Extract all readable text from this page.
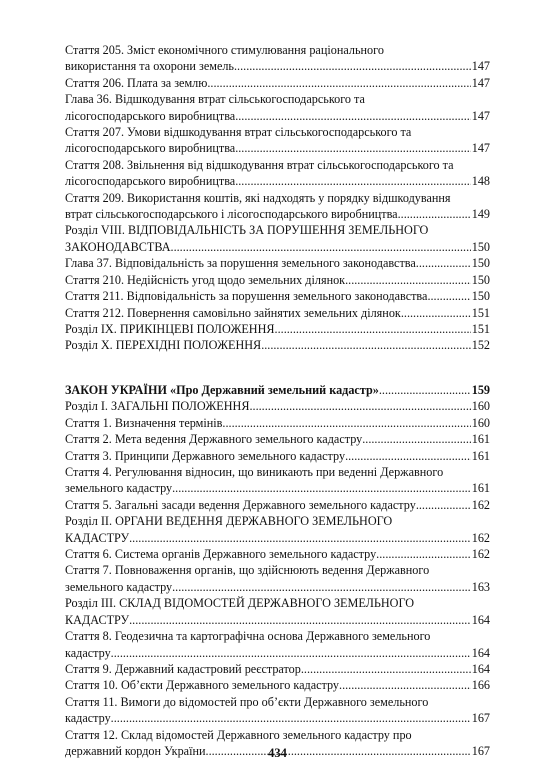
Стаття 205. Зміст економічного стимулювання раціонального
використання та охорони земель .....	147
Стаття 206. Плата за землю .....	147
Глава 36. Відшкодування втрат сільськогосподарського та
лісогосподарського виробництва .....	147
Стаття 207. Умови відшкодування втрат сільськогосподарського та
лісогосподарського виробництва .....	147
Стаття 208. Звільнення від відшкодування втрат сільськогосподарського та
лісогосподарського виробництва .....	148
Стаття 209. Використання коштів, які надходять у порядку відшкодування
втрат сільськогосподарського і лісогосподарського виробництва .....	149
Розділ VIII. ВІДПОВІДАЛЬНІСТЬ ЗА ПОРУШЕННЯ ЗЕМЕЛЬНОГО
ЗАКОНОДАВСТВА .....	150
Глава 37. Відповідальність за порушення земельного законодавства .....	150
Стаття 210. Недійсність угод щодо земельних ділянок .....	150
Стаття 211. Відповідальність за порушення земельного законодавства .....	150
Стаття 212. Повернення самовільно зайнятих земельних ділянок .....	151
Розділ IX. ПРИКІНЦЕВІ ПОЛОЖЕННЯ .....	151
Розділ X. ПЕРЕХІДНІ ПОЛОЖЕННЯ .....	152
ЗАКОН УКРАЇНИ «Про Державний земельний кадастр» .....	159
Розділ I. ЗАГАЛЬНІ ПОЛОЖЕННЯ .....	160
Стаття 1. Визначення термінів .....	160
Стаття 2. Мета ведення Державного земельного кадастру .....	161
Стаття 3. Принципи Державного земельного кадастру .....	161
Стаття 4. Регулювання відносин, що виникають при веденні Державного
земельного кадастру .....	161
Стаття 5. Загальні засади ведення Державного земельного кадастру .....	162
Розділ II. ОРГАНИ ВЕДЕННЯ ДЕРЖАВНОГО ЗЕМЕЛЬНОГО
КАДАСТРУ .....	162
Стаття 6. Система органів Державного земельного кадастру .....	162
Стаття 7. Повноваження органів, що здійснюють ведення Державного
земельного кадастру .....	163
Розділ III. СКЛАД ВІДОМОСТЕЙ ДЕРЖАВНОГО ЗЕМЕЛЬНОГО
КАДАСТРУ .....	164
Стаття 8. Геодезична та картографічна основа Державного земельного
кадастру .....	164
Стаття 9. Державний кадастровий реєстратор .....	164
Стаття 10. Об’єкти Державного земельного кадастру .....	166
Стаття 11. Вимоги до відомостей про об’єкти Державного земельного
кадастру .....	167
Стаття 12. Склад відомостей Державного земельного кадастру про
державний кордон України .....	167
434
